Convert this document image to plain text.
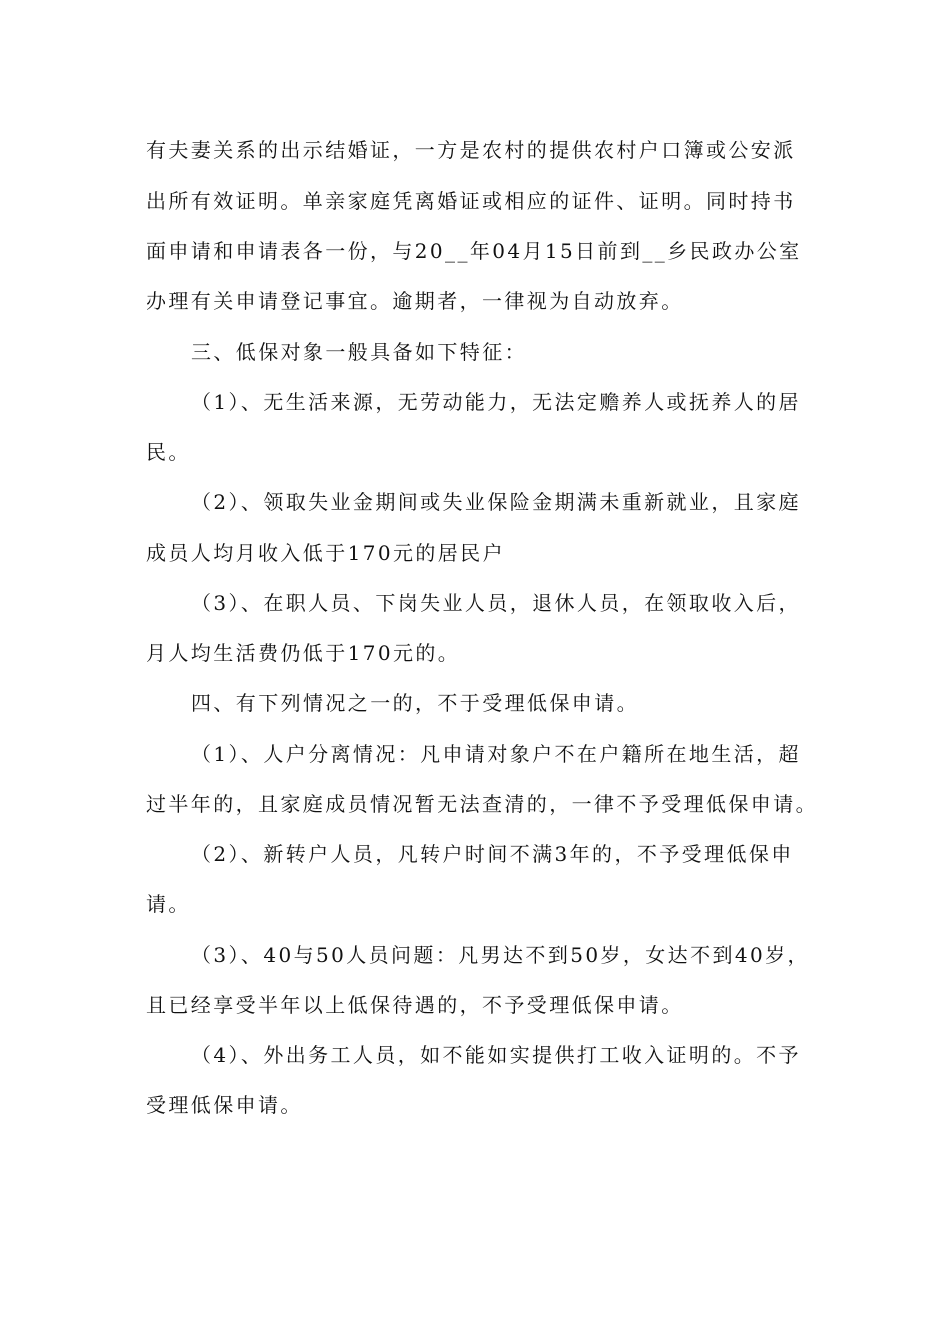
有夫妻关系的出示结婚证，一方是农村的提供农村户口簿或公安派
出所有效证明。单亲家庭凭离婚证或相应的证件、证明。同时持书
面申请和申请表各一份，与20__年04月15日前到__乡民政办公室
办理有关申请登记事宜。逾期者，一律视为自动放弃。
三、低保对象一般具备如下特征：
（1）、无生活来源，无劳动能力，无法定赡养人或抚养人的居
民。
（2）、领取失业金期间或失业保险金期满未重新就业，且家庭
成员人均月收入低于170元的居民户
（3）、在职人员、下岗失业人员，退休人员，在领取收入后，
月人均生活费仍低于170元的。
四、有下列情况之一的，不于受理低保申请。
（1）、人户分离情况：凡申请对象户不在户籍所在地生活，超
过半年的，且家庭成员情况暂无法查清的，一律不予受理低保申请。
（2）、新转户人员，凡转户时间不满3年的，不予受理低保申
请。
（3）、40与50人员问题：凡男达不到50岁，女达不到40岁，
且已经享受半年以上低保待遇的，不予受理低保申请。
（4）、外出务工人员，如不能如实提供打工收入证明的。不予
受理低保申请。
